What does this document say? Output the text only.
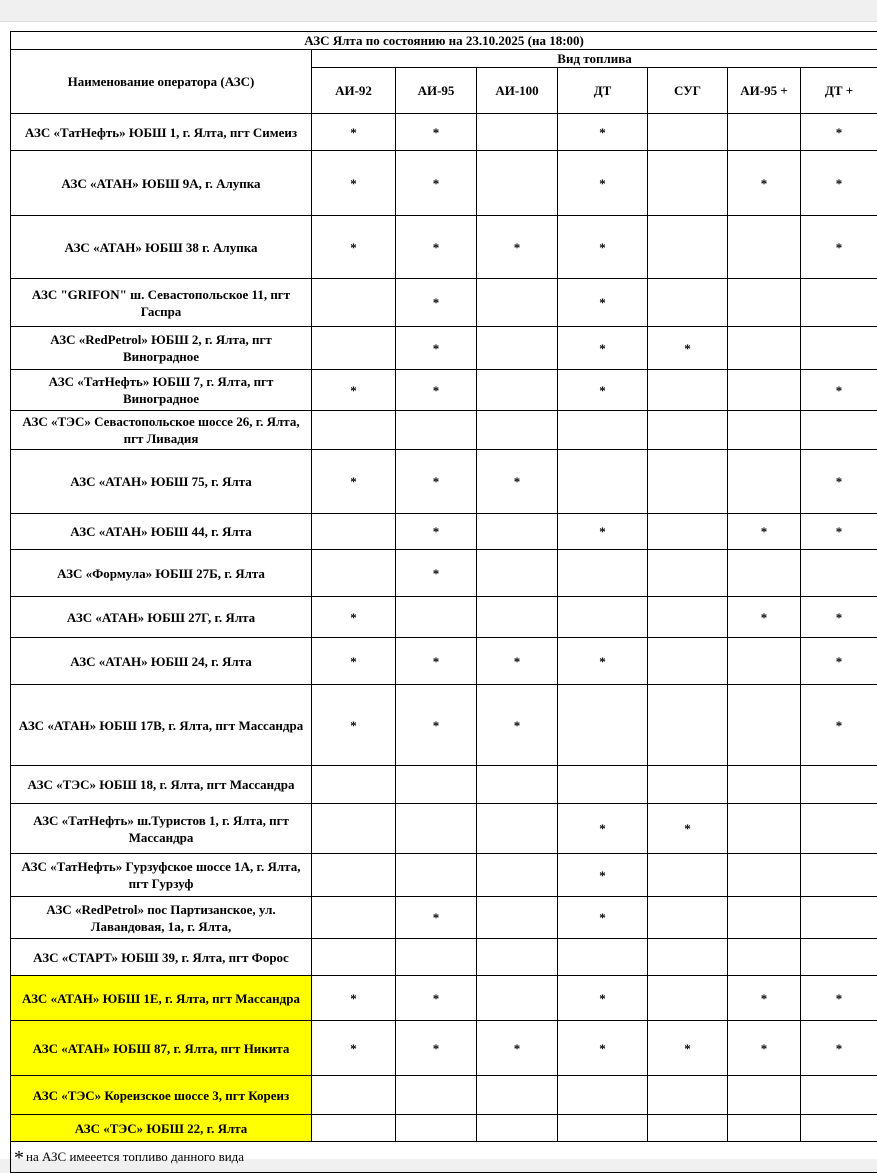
АЗС Ялта по состоянию на 23.10.2025 (на 18:00)							
Наименование оператора (АЗС)	Вид топлива						
	АИ-92	АИ-95	АИ-100	ДТ	СУГ	АИ-95 +	ДТ +
АЗС «ТатНефть» ЮБШ 1, г. Ялта, пгт Симеиз	*	*		*			*
АЗС «АТАН» ЮБШ 9А, г. Алупка	*	*		*		*	*
АЗС «АТАН» ЮБШ 38 г. Алупка	*	*	*	*			*
АЗС "GRIFON" ш. Севастопольское 11, пгт Гаспра		*		*			
АЗС «RedPetrol» ЮБШ 2, г. Ялта, пгт Виноградное		*		*	*		
АЗС «ТатНефть» ЮБШ 7, г. Ялта, пгт Виноградное	*	*		*			*
АЗС «ТЭС» Севастопольское шоссе 26, г. Ялта, пгт Ливадия							
АЗС «АТАН» ЮБШ 75, г. Ялта	*	*	*				*
АЗС «АТАН» ЮБШ 44, г. Ялта		*		*		*	*
АЗС «Формула» ЮБШ 27Б, г. Ялта		*					
АЗС «АТАН» ЮБШ 27Г, г. Ялта	*					*	*
АЗС «АТАН» ЮБШ 24, г. Ялта	*	*	*	*			*
АЗС «АТАН» ЮБШ 17В, г. Ялта, пгт Массандра	*	*	*				*
АЗС «ТЭС» ЮБШ 18, г. Ялта, пгт Массандра							
АЗС «ТатНефть» ш.Туристов 1, г. Ялта, пгт Массандра				*	*		
АЗС «ТатНефть» Гурзуфское шоссе 1А, г. Ялта, пгт Гурзуф				*			
АЗС «RedPetrol» пос Партизанское, ул. Лавандовая, 1а, г. Ялта,		*		*			
АЗС «СТАРТ» ЮБШ 39, г. Ялта, пгт Форос							
АЗС «АТАН» ЮБШ 1Е, г. Ялта, пгт Массандра	*	*		*		*	*
АЗС «АТАН» ЮБШ 87, г. Ялта, пгт Никита	*	*	*	*	*	*	*
АЗС «ТЭС» Кореизское шоссе 3, пгт Кореиз							
АЗС «ТЭС» ЮБШ 22, г. Ялта							
* на АЗС имееется топливо данного вида							
